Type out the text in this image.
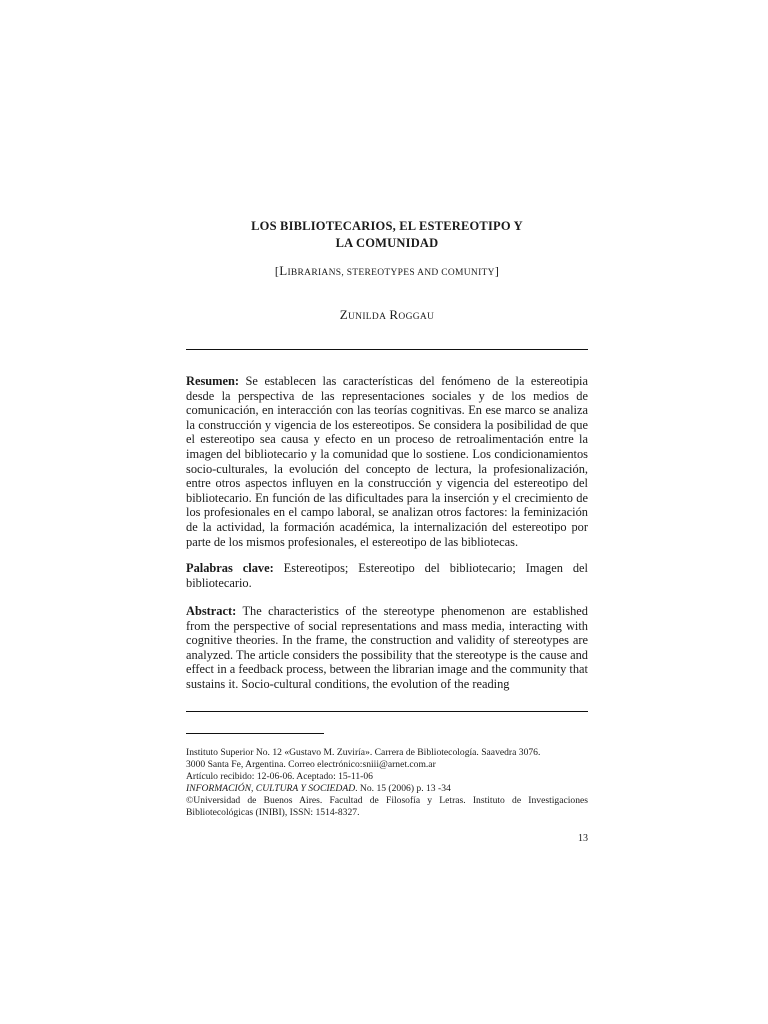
LOS BIBLIOTECARIOS, EL ESTEREOTIPO Y
LA COMUNIDAD
[LIBRARIANS, STEREOTYPES AND COMUNITY]
ZUNILDA ROGGAU
Resumen: Se establecen las características del fenómeno de la estereotipia desde la perspectiva de las representaciones sociales y de los medios de comunicación, en interacción con las teorías cognitivas. En ese marco se analiza la construcción y vigencia de los estereotipos. Se considera la posibilidad de que el estereotipo sea causa y efecto en un proceso de retroalimentación entre la imagen del bibliotecario y la comunidad que lo sostiene. Los condicionamientos socio-culturales, la evolución del concepto de lectura, la profesionalización, entre otros aspectos influyen en la construcción y vigencia del estereotipo del bibliotecario. En función de las dificultades para la inserción y el crecimiento de los profesionales en el campo laboral, se analizan otros factores: la feminización de la actividad, la formación académica, la internalización del estereotipo por parte de los mismos profesionales, el estereotipo de las bibliotecas.
Palabras clave: Estereotipos; Estereotipo del bibliotecario; Imagen del bibliotecario.
Abstract: The characteristics of the stereotype phenomenon are established from the perspective of social representations and mass media, interacting with cognitive theories. In the frame, the construction and validity of stereotypes are analyzed. The article considers the possibility that the stereotype is the cause and effect in a feedback process, between the librarian image and the community that sustains it. Socio-cultural conditions, the evolution of the reading
Instituto Superior No. 12 «Gustavo M. Zuviría». Carrera de Bibliotecología. Saavedra 3076.
3000 Santa Fe, Argentina. Correo electrónico:sniii@arnet.com.ar
Artículo recibido: 12-06-06. Aceptado: 15-11-06
INFORMACIÓN, CULTURA Y SOCIEDAD. No. 15 (2006) p. 13 -34
©Universidad de Buenos Aires. Facultad de Filosofía y Letras. Instituto de Investigaciones Bibliotecológicas (INIBI), ISSN: 1514-8327.
13
